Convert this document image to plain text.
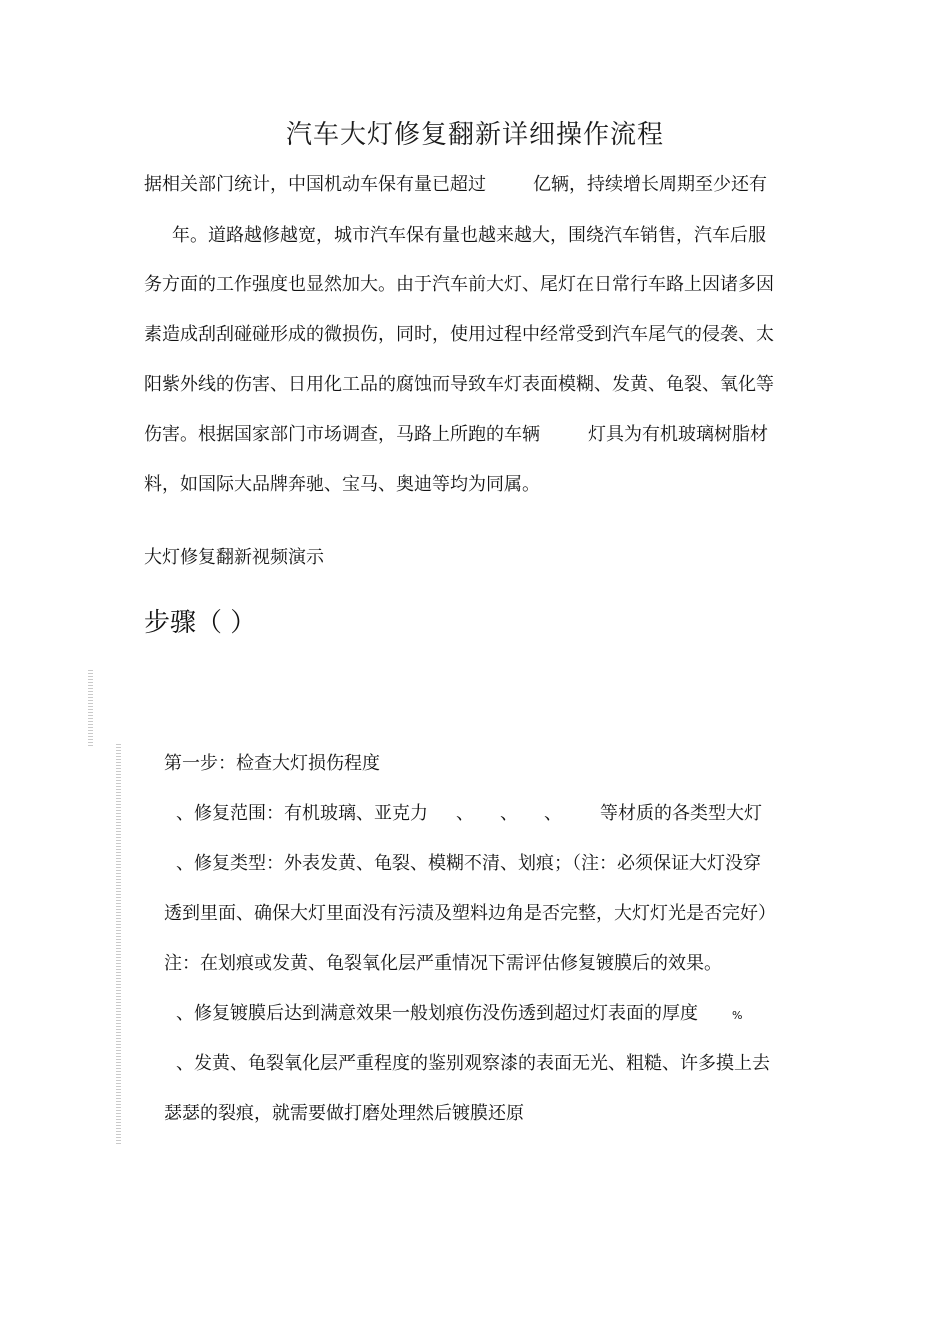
汽车大灯修复翻新详细操作流程
据相关部门统计，中国机动车保有量已超过	亿辆，持续增长周期至少还有
年。道路越修越宽，城市汽车保有量也越来越大，围绕汽车销售，汽车后服
务方面的工作强度也显然加大。由于汽车前大灯、尾灯在日常行车路上因诸多因
素造成刮刮碰碰形成的微损伤，同时，使用过程中经常受到汽车尾气的侵袭、太
阳紫外线的伤害、日用化工品的腐蚀而导致车灯表面模糊、发黄、龟裂、氧化等
伤害。根据国家部门市场调查，马路上所跑的车辆	灯具为有机玻璃树脂材
料，如国际大品牌奔驰、宝马、奥迪等均为同属。
大灯修复翻新视频演示
步骤（ ）
第一步：检查大灯损伤程度
、修复范围：有机玻璃、亚克力 、 、 、 等材质的各类型大灯
、修复类型：外表发黄、龟裂、模糊不清、划痕；（注：必须保证大灯没穿
透到里面、确保大灯里面没有污渍及塑料边角是否完整，大灯灯光是否完好）
注：在划痕或发黄、龟裂氧化层严重情况下需评估修复镀膜后的效果。
、修复镀膜后达到满意效果一般划痕伤没伤透到超过灯表面的厚度	%
、发黄、龟裂氧化层严重程度的鉴别观察漆的表面无光、粗糙、许多摸上去
瑟瑟的裂痕，就需要做打磨处理然后镀膜还原
